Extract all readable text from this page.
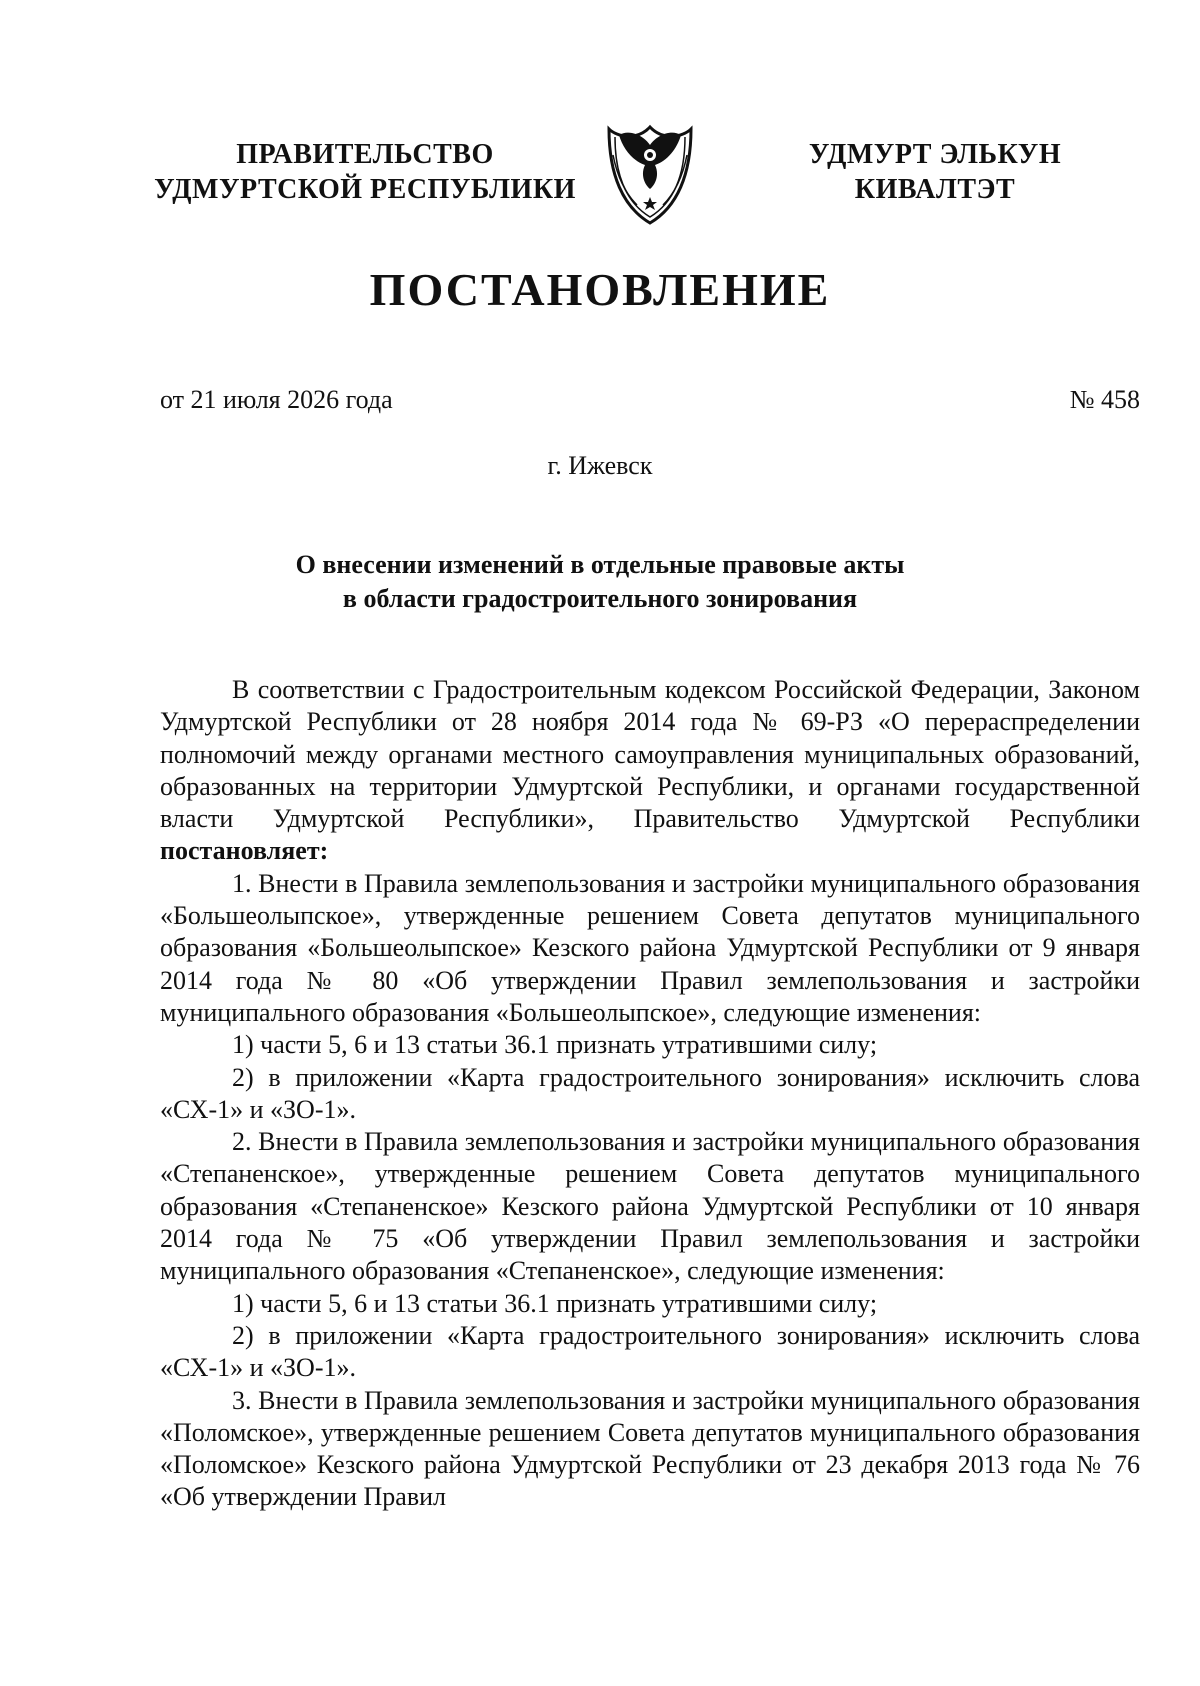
ПРАВИТЕЛЬСТВО
УДМУРТСКОЙ РЕСПУБЛИКИ
УДМУРТ ЭЛЬКУН
КИВАЛТЭТ
ПОСТАНОВЛЕНИЕ
от 21 июля 2026 года	№ 458
г. Ижевск
О внесении изменений в отдельные правовые акты
в области градостроительного зонирования

В соответствии с Градостроительным кодексом Российской Федерации, Законом Удмуртской Республики от 28 ноября 2014 года № 69-РЗ «О перераспределении полномочий между органами местного самоуправления муниципальных образований, образованных на территории Удмуртской Республики, и органами государственной власти Удмуртской Республики», Правительство Удмуртской Республики постановляет:

1. Внести в Правила землепользования и застройки муниципального образования «Большеолыпское», утвержденные решением Совета депутатов муниципального образования «Большеолыпское» Кезского района Удмуртской Республики от 9 января 2014 года № 80 «Об утверждении Правил землепользования и застройки муниципального образования «Большеолыпское», следующие изменения:

1) части 5, 6 и 13 статьи 36.1 признать утратившими силу;

2) в приложении «Карта градостроительного зонирования» исключить слова «СХ-1» и «ЗО-1».

2. Внести в Правила землепользования и застройки муниципального образования «Степаненское», утвержденные решением Совета депутатов муниципального образования «Степаненское» Кезского района Удмуртской Республики от 10 января 2014 года № 75 «Об утверждении Правил землепользования и застройки муниципального образования «Степаненское», следующие изменения:

1) части 5, 6 и 13 статьи 36.1 признать утратившими силу;

2) в приложении «Карта градостроительного зонирования» исключить слова «СХ-1» и «ЗО-1».

3. Внести в Правила землепользования и застройки муниципального образования «Поломское», утвержденные решением Совета депутатов муниципального образования «Поломское» Кезского района Удмуртской Республики от 23 декабря 2013 года № 76 «Об утверждении Правил
